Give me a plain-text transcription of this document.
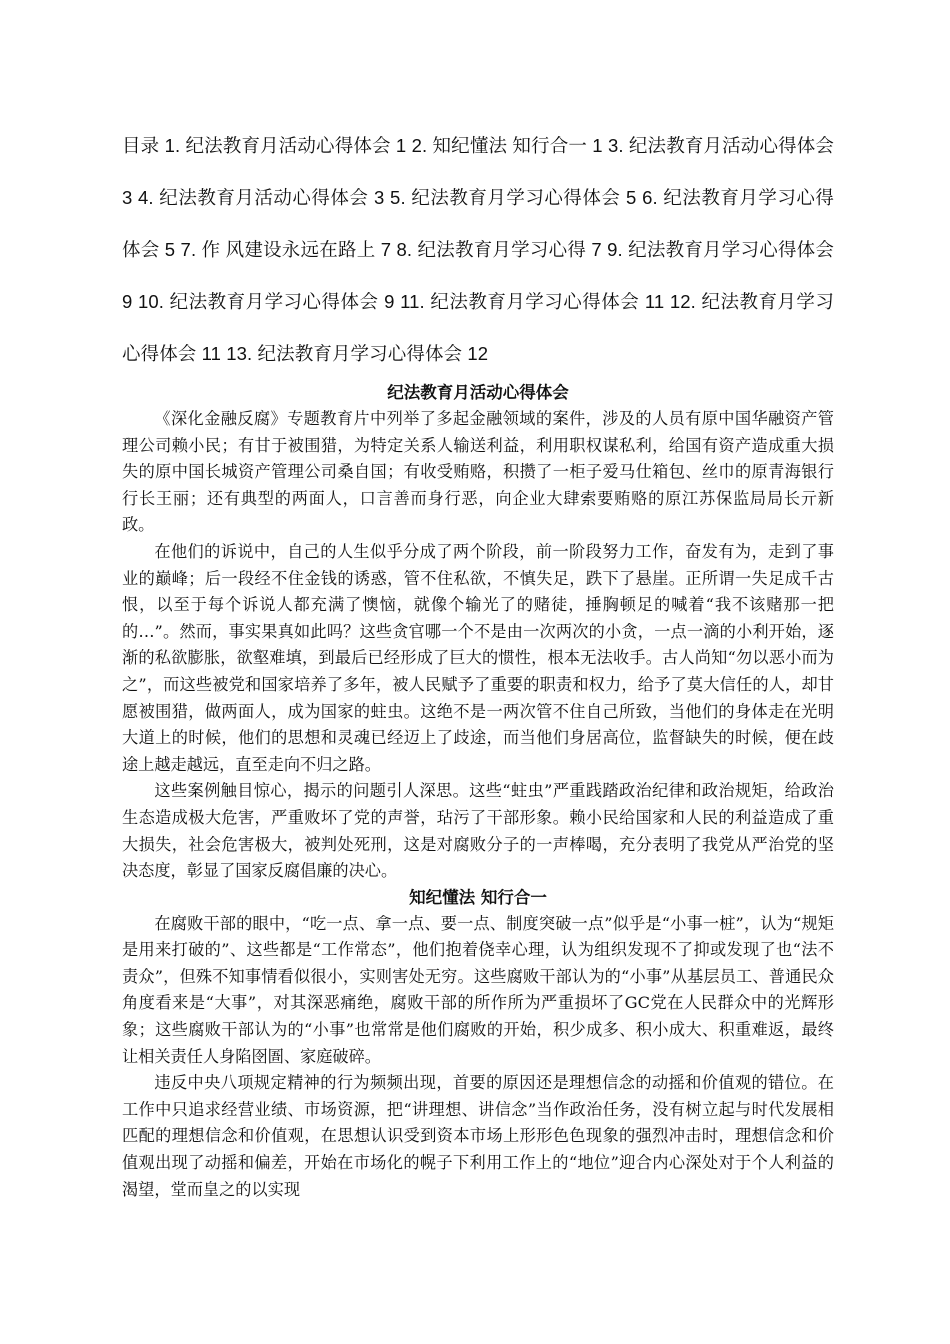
目录 1. 纪法教育月活动心得体会 1 2. 知纪懂法 知行合一 1 3. 纪法教育月活动心得体会 3 4. 纪法教育月活动心得体会 3 5. 纪法教育月学习心得体会 5 6. 纪法教育月学习心得体会 5 7. 作 风建设永远在路上 7 8. 纪法教育月学习心得 7 9. 纪法教育月学习心得体会 9 10. 纪法教育月学习心得体会 9 11. 纪法教育月学习心得体会 11 12. 纪法教育月学习心得体会 11 13. 纪法教育月学习心得体会 12

纪法教育月活动心得体会

《深化金融反腐》专题教育片中列举了多起金融领域的案件，涉及的人员有原中国华融资产管理公司赖小民；有甘于被围猎，为特定关系人输送利益，利用职权谋私利，给国有资产造成重大损失的原中国长城资产管理公司桑自国；有收受贿赂，积攒了一柜子爱马仕箱包、丝巾的原青海银行行长王丽；还有典型的两面人，口言善而身行恶，向企业大肆索要贿赂的原江苏保监局局长亓新政。

在他们的诉说中，自己的人生似乎分成了两个阶段，前一阶段努力工作，奋发有为，走到了事业的巅峰；后一段经不住金钱的诱惑，管不住私欲，不慎失足，跌下了悬崖。正所谓一失足成千古恨，以至于每个诉说人都充满了懊恼，就像个输光了的赌徒，捶胸顿足的喊着“我不该赌那一把的…”。然而，事实果真如此吗？这些贪官哪一个不是由一次两次的小贪，一点一滴的小利开始，逐渐的私欲膨胀，欲壑难填，到最后已经形成了巨大的惯性，根本无法收手。古人尚知“勿以恶小而为之”，而这些被党和国家培养了多年，被人民赋予了重要的职责和权力，给予了莫大信任的人，却甘愿被围猎，做两面人，成为国家的蛀虫。这绝不是一两次管不住自己所致，当他们的身体走在光明大道上的时候，他们的思想和灵魂已经迈上了歧途，而当他们身居高位，监督缺失的时候，便在歧途上越走越远，直至走向不归之路。

这些案例触目惊心，揭示的问题引人深思。这些“蛀虫”严重践踏政治纪律和政治规矩，给政治生态造成极大危害，严重败坏了党的声誉，玷污了干部形象。赖小民给国家和人民的利益造成了重大损失，社会危害极大，被判处死刑，这是对腐败分子的一声棒喝，充分表明了我党从严治党的坚决态度，彰显了国家反腐倡廉的决心。

知纪懂法 知行合一

在腐败干部的眼中，“吃一点、拿一点、要一点、制度突破一点”似乎是“小事一桩”，认为“规矩是用来打破的”、这些都是“工作常态”，他们抱着侥幸心理，认为组织发现不了抑或发现了也“法不责众”，但殊不知事情看似很小，实则害处无穷。这些腐败干部认为的“小事”从基层员工、普通民众角度看来是“大事”，对其深恶痛绝，腐败干部的所作所为严重损坏了GC党在人民群众中的光辉形象；这些腐败干部认为的“小事”也常常是他们腐败的开始，积少成多、积小成大、积重难返，最终让相关责任人身陷囹圄、家庭破碎。

违反中央八项规定精神的行为频频出现，首要的原因还是理想信念的动摇和价值观的错位。在工作中只追求经营业绩、市场资源，把“讲理想、讲信念”当作政治任务，没有树立起与时代发展相匹配的理想信念和价值观，在思想认识受到资本市场上形形色色现象的强烈冲击时，理想信念和价值观出现了动摇和偏差，开始在市场化的幌子下利用工作上的“地位”迎合内心深处对于个人利益的渴望，堂而皇之的以实现
